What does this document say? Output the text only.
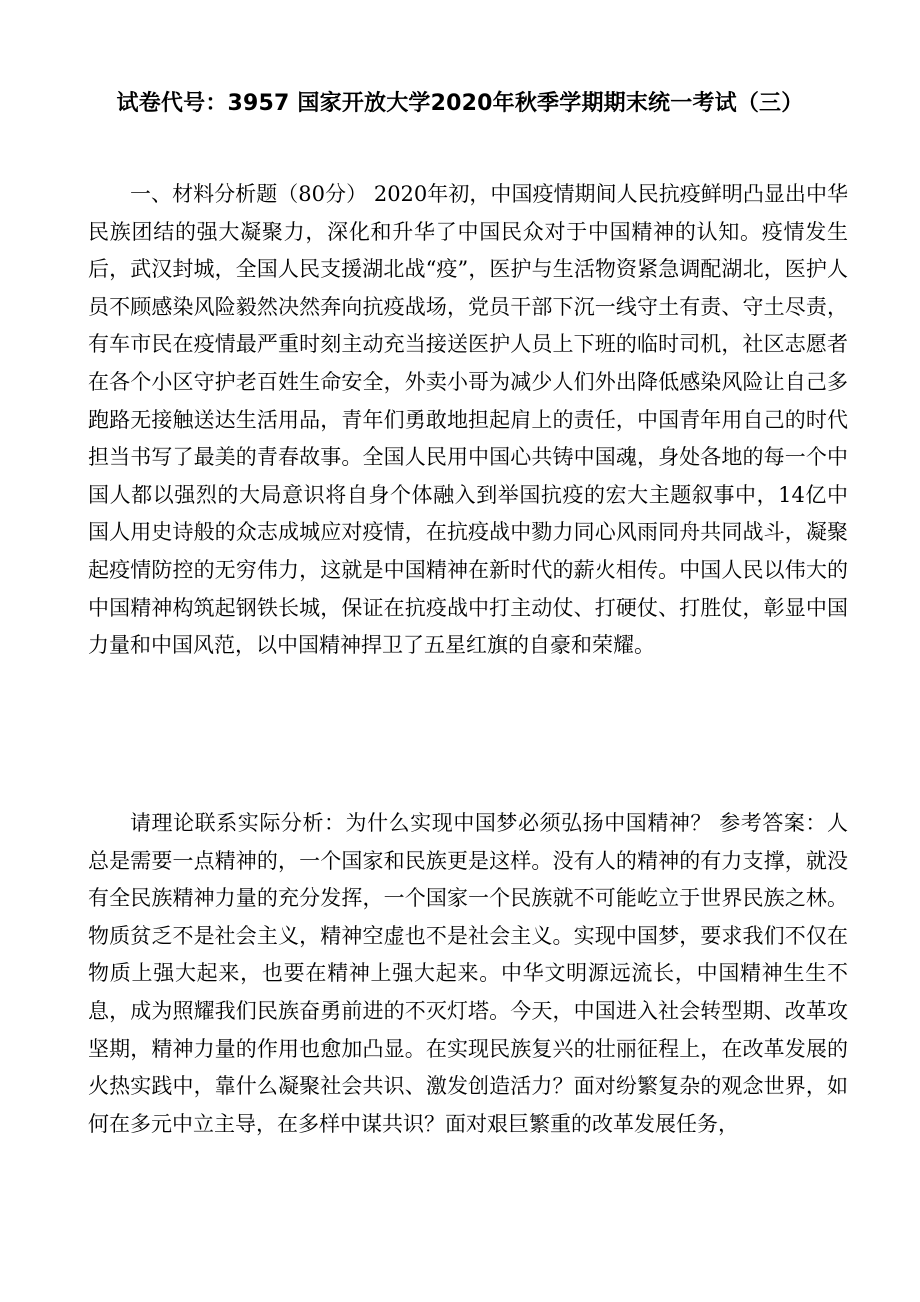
试卷代号：3957 国家开放大学2020年秋季学期期末统一考试（三）

一、材料分析题（80分） 2020年初，中国疫情期间人民抗疫鲜明凸显出中华民族团结的强大凝聚力，深化和升华了中国民众对于中国精神的认知。疫情发生后，武汉封城，全国人民支援湖北战“疫”，医护与生活物资紧急调配湖北，医护人员不顾感染风险毅然决然奔向抗疫战场，党员干部下沉一线守土有责、守土尽责，有车市民在疫情最严重时刻主动充当接送医护人员上下班的临时司机，社区志愿者在各个小区守护老百姓生命安全，外卖小哥为减少人们外出降低感染风险让自己多跑路无接触送达生活用品，青年们勇敢地担起肩上的责任，中国青年用自己的时代担当书写了最美的青春故事。全国人民用中国心共铸中国魂，身处各地的每一个中国人都以强烈的大局意识将自身个体融入到举国抗疫的宏大主题叙事中，14亿中国人用史诗般的众志成城应对疫情，在抗疫战中勠力同心风雨同舟共同战斗，凝聚起疫情防控的无穷伟力，这就是中国精神在新时代的薪火相传。中国人民以伟大的中国精神构筑起钢铁长城，保证在抗疫战中打主动仗、打硬仗、打胜仗，彰显中国力量和中国风范，以中国精神捍卫了五星红旗的自豪和荣耀。

请理论联系实际分析：为什么实现中国梦必须弘扬中国精神？ 参考答案：人总是需要一点精神的，一个国家和民族更是这样。没有人的精神的有力支撑，就没有全民族精神力量的充分发挥，一个国家一个民族就不可能屹立于世界民族之林。物质贫乏不是社会主义，精神空虚也不是社会主义。实现中国梦，要求我们不仅在物质上强大起来，也要在精神上强大起来。中华文明源远流长，中国精神生生不息，成为照耀我们民族奋勇前进的不灭灯塔。今天，中国进入社会转型期、改革攻坚期，精神力量的作用也愈加凸显。在实现民族复兴的壮丽征程上，在改革发展的火热实践中，靠什么凝聚社会共识、激发创造活力？面对纷繁复杂的观念世界，如何在多元中立主导，在多样中谋共识？面对艰巨繁重的改革发展任务，
